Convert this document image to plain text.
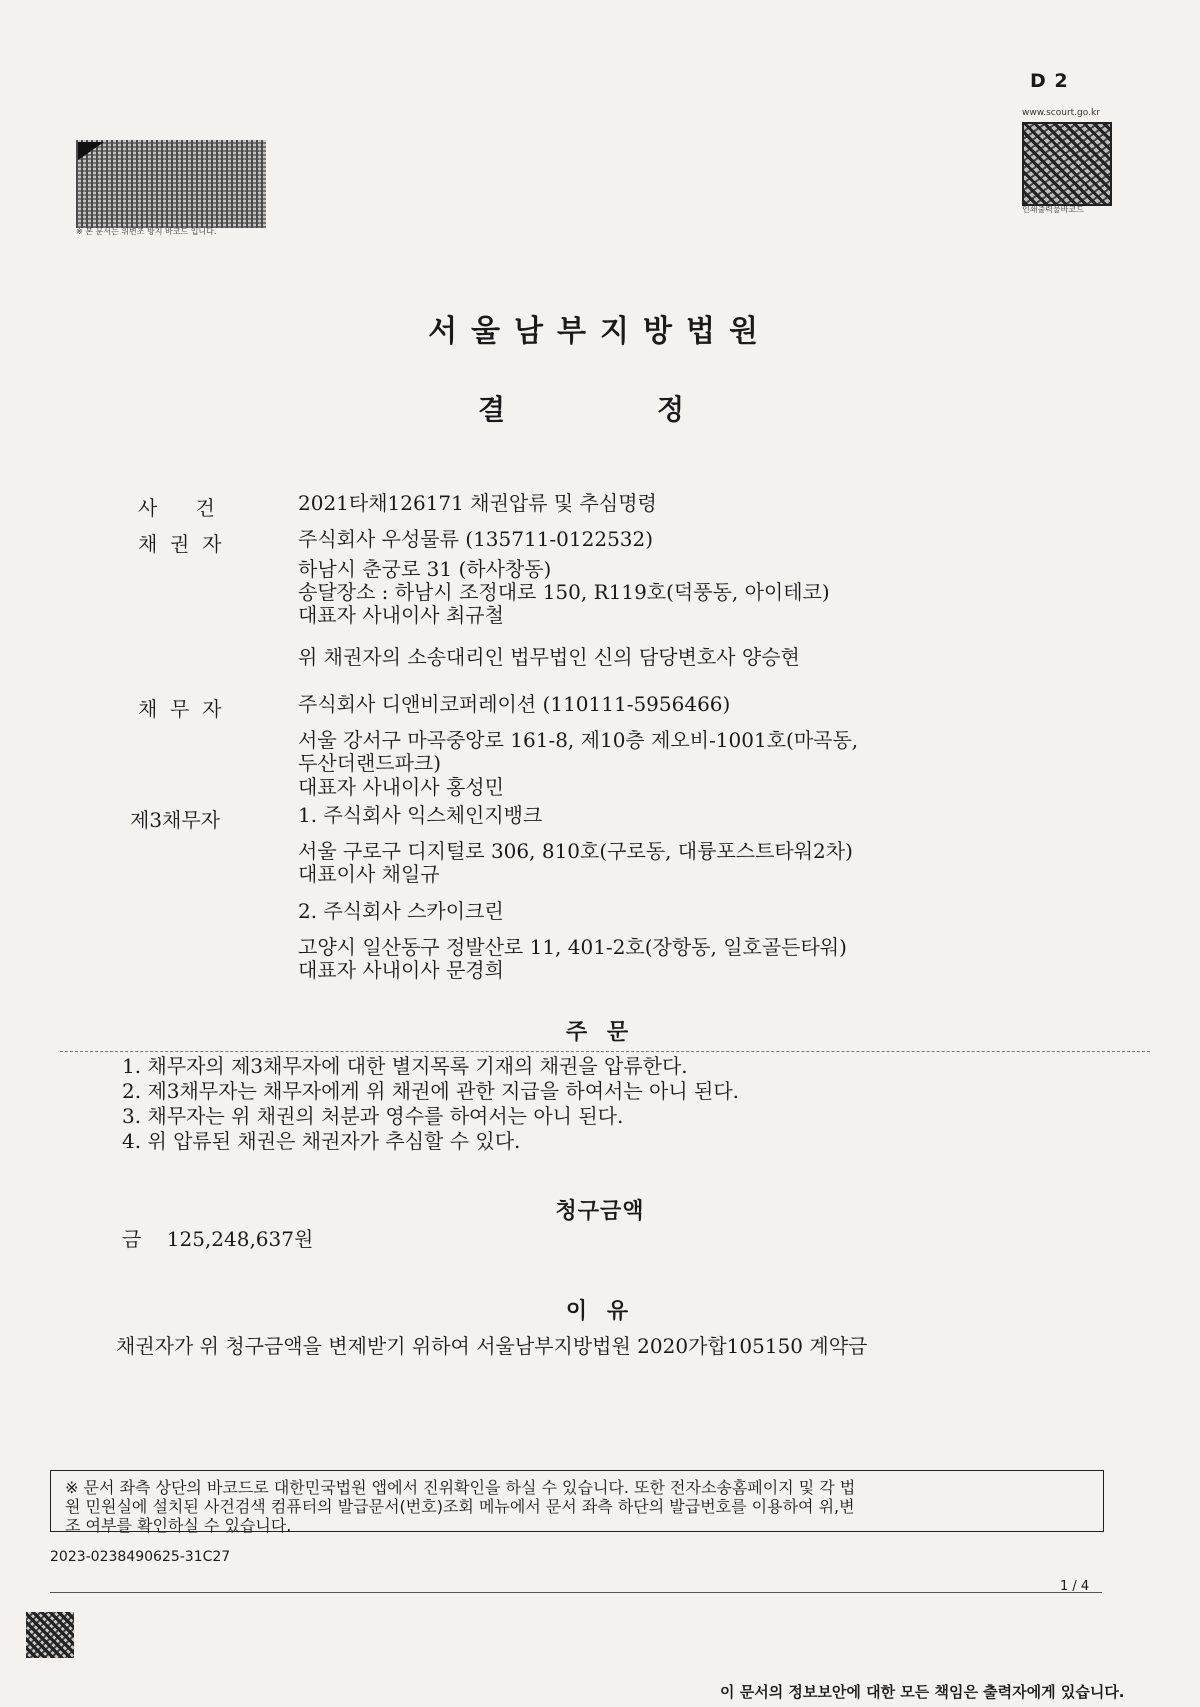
D 2
www.scourt.go.kr
인쇄출력물바코드
※ 본 문서는 위변조 방지 바코드 입니다.
서울남부지방법원
결	정
사      건	2021타채126171 채권압류 및 추심명령
채  권  자	주식회사 우성물류 (135711-0122532)
하남시 춘궁로 31 (하사창동)
송달장소 : 하남시 조정대로 150, R119호(덕풍동, 아이테코)
대표자 사내이사 최규철
위 채권자의 소송대리인 법무법인 신의 담당변호사 양승현
채  무  자	주식회사 디앤비코퍼레이션 (110111-5956466)
서울 강서구 마곡중앙로 161-8, 제10층 제오비-1001호(마곡동,
두산더랜드파크)
대표자 사내이사 홍성민
제3채무자	1. 주식회사 익스체인지뱅크
서울 구로구 디지털로 306, 810호(구로동, 대륭포스트타워2차)
대표이사 채일규
2. 주식회사 스카이크린
고양시 일산동구 정발산로 11, 401-2호(장항동, 일호골든타워)
대표자 사내이사 문경희
주 문
1. 채무자의 제3채무자에 대한 별지목록 기재의 채권을 압류한다.
2. 제3채무자는 채무자에게 위 채권에 관한 지급을 하여서는 아니 된다.
3. 채무자는 위 채권의 처분과 영수를 하여서는 아니 된다.
4. 위 압류된 채권은 채권자가 추심할 수 있다.
청구금액
금    125,248,637원
이 유
채권자가 위 청구금액을 변제받기 위하여 서울남부지방법원 2020가합105150 계약금
※ 문서 좌측 상단의 바코드로 대한민국법원 앱에서 진위확인을 하실 수 있습니다. 또한 전자소송홈페이지 및 각 법
원 민원실에 설치된 사건검색 컴퓨터의 발급문서(번호)조회 메뉴에서 문서 좌측 하단의 발급번호를 이용하여 위,변
조 여부를 확인하실 수 있습니다.
2023-0238490625-31C27
1 / 4
이 문서의 정보보안에 대한 모든 책임은 출력자에게 있습니다.
